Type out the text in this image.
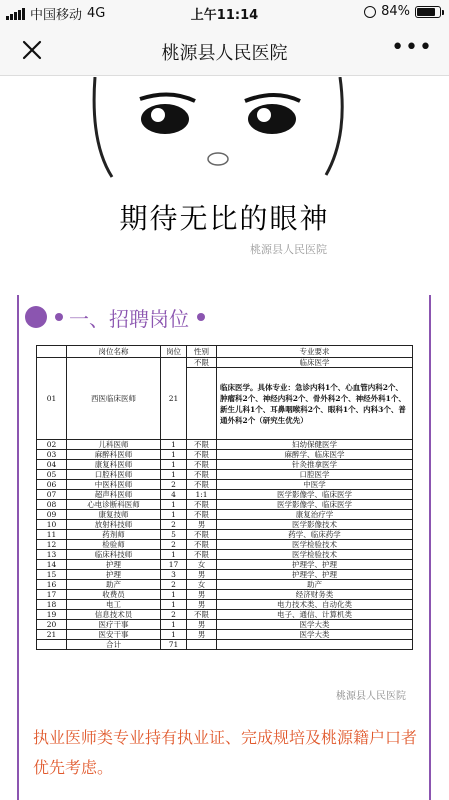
中国移动 4G	上午11:14	84%
桃源县人民医院	•••
期待无比的眼神
桃源县人民医院
一、招聘岗位
	岗位名称	岗位	性别	专业要求
01	西医临床医师	21	不限	临床医学
				临床医学。具体专业：急诊内科1个、心血管内科2个、肿瘤科2个、神经内科2个、骨外科2个、神经外科1个、新生儿科1个、耳鼻咽喉科2个、眼科1个、内科3个、普通外科2个（研究生优先）
02	儿科医师	1	不限	妇幼保健医学
03	麻醉科医师	1	不限	麻醉学、临床医学
04	康复科医师	1	不限	针灸推拿医学
05	口腔科医师	1	不限	口腔医学
06	中医科医师	2	不限	中医学
07	超声科医师	4	1:1	医学影像学、临床医学
08	心电诊断科医师	1	不限	医学影像学、临床医学
09	康复技师	1	不限	康复治疗学
10	放射科技师	2	男	医学影像技术
11	药剂师	5	不限	药学、临床药学
12	检验师	2	不限	医学检验技术
13	临床科技师	1	不限	医学检验技术
14	护理	17	女	护理学、护理
15	护理	3	男	护理学、护理
16	助产	2	女	助产
17	收费员	1	男	经济财务类
18	电工	1	男	电力技术类、自动化类
19	信息技术员	2	不限	电子、通信、计算机类
20	医疗干事	1	男	医学大类
21	医安干事	1	男	医学大类
	合计	71		
桃源县人民医院
执业医师类专业持有执业证、完成规培及桃源籍户口者优先考虑。
